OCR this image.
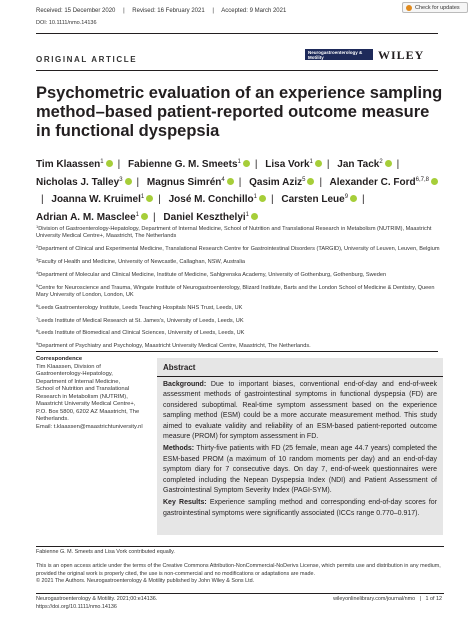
Received: 15 December 2020 | Revised: 16 February 2021 | Accepted: 9 March 2021
Check for updates
DOI: 10.1111/nmo.14136
ORIGINAL ARTICLE
Neurogastroenterology & Motility	WILEY
Psychometric evaluation of an experience sampling method–based patient-reported outcome measure in functional dyspepsia
Tim Klaassen$^1$ | Fabienne G. M. Smeets$^1$ | Lisa Vork$^1$ | Jan Tack$^2$ | Nicholas J. Talley$^3$ | Magnus Simrén$^4$ | Qasim Aziz$^5$ | Alexander C. Ford$^{6,7,8}$| Joanna W. Kruimel$^1$ | José M. Conchillo$^1$ | Carsten Leue$^9$ | Adrian A. M. Masclee$^1$ | Daniel Keszthelyi$^1$
$^1$Division of Gastroenterology-Hepatology, Department of Internal Medicine, School of Nutrition and Translational Research in Metabolism (NUTRIM), Maastricht University Medical Centre+, Maastricht, The Netherlands
$^2$Department of Clinical and Experimental Medicine, Translational Research Centre for Gastrointestinal Disorders (TARGID), University of Leuven, Leuven, Belgium
$^3$Faculty of Health and Medicine, University of Newcastle, Callaghan, NSW, Australia
$^4$Department of Molecular and Clinical Medicine, Institute of Medicine, Sahlgrenska Academy, University of Gothenburg, Gothenburg, Sweden
$^5$Centre for Neuroscience and Trauma, Wingate Institute of Neurogastroenterology, Blizard Institute, Barts and the London School of Medicine & Dentistry, Queen Mary University of London, London, UK
$^6$Leeds Gastroenterology Institute, Leeds Teaching Hospitals NHS Trust, Leeds, UK
$^7$Leeds Institute of Medical Research at St. James's, University of Leeds, Leeds, UK
$^8$Leeds Institute of Biomedical and Clinical Sciences, University of Leeds, Leeds, UK
$^9$Department of Psychiatry and Psychology, Maastricht University Medical Centre, Maastricht, The Netherlands.
Correspondence
Tim Klaassen, Division of
Gastroenterology-Hepatology,
Department of Internal Medicine,
School of Nutrition and Translational
Research in Metabolism (NUTRIM),
Maastricht University Medical Centre+,
P.O. Box 5800, 6202 AZ Maastricht, The
Netherlands.
Email: t.klaassen@maastrichtuniversity.nl
Abstract

Background: Due to important biases, conventional end-of-day and end-of-week assessment methods of gastrointestinal symptoms in functional dyspepsia (FD) are considered suboptimal. Real-time symptom assessment based on the experience sampling method (ESM) could be a more accurate measurement method. This study aimed to evaluate validity and reliability of an ESM-based patient-reported outcome measure (PROM) for symptom assessment in FD.

Methods: Thirty-five patients with FD (25 female, mean age 44.7 years) completed the ESM-based PROM (a maximum of 10 random moments per day) and an end-of-day symptom diary for 7 consecutive days. On day 7, end-of-week questionnaires were completed including the Nepean Dyspepsia Index (NDI) and Patient Assessment of Gastrointestinal Symptom Severity Index (PAGI-SYM).

Key Results: Experience sampling method and corresponding end-of-day scores for gastrointestinal symptoms were significantly associated (ICCs range 0.770–0.917).

Fabienne G. M. Smeets and Lisa Vork contributed equally.
This is an open access article under the terms of the Creative Commons Attribution-NonCommercial-NoDerivs License, which permits use and distribution in any medium, provided the original work is properly cited, the use is non-commercial and no modifications or adaptations are made.
© 2021 The Authors. Neurogastroenterology & Motility published by John Wiley & Sons Ltd.
Neurogastroenterology & Motility. 2021;00:e14136.
https://doi.org/10.1111/nmo.14136
wileyonlinelibrary.com/journal/nmo | 1 of 12
